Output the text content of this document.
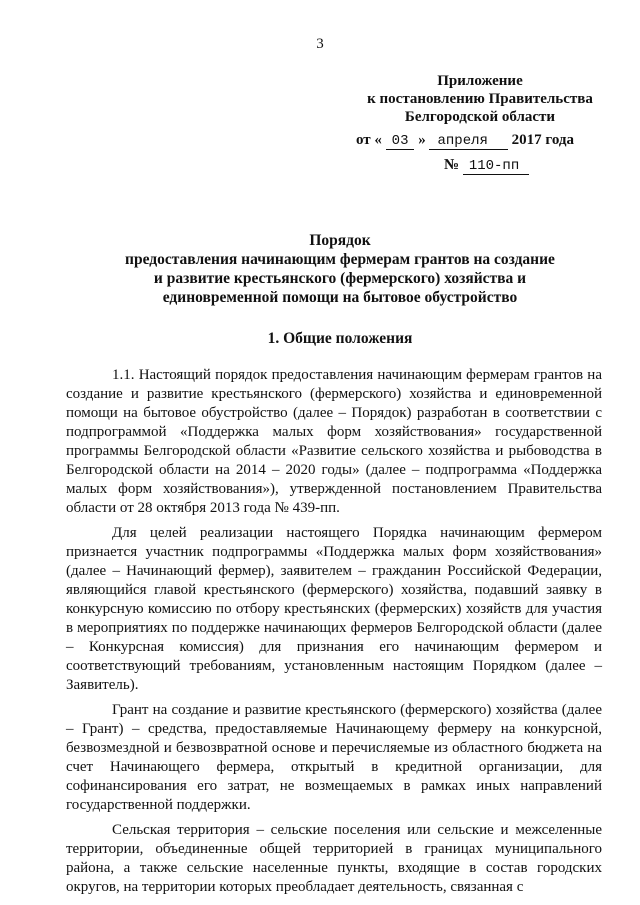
3
Приложение
к постановлению Правительства
Белгородской области
от « 03 » апреля 2017 года
№ 110-пп
Порядок
предоставления начинающим фермерам грантов на создание
и развитие крестьянского (фермерского) хозяйства и
единовременной помощи на бытовое обустройство
1. Общие положения

1.1. Настоящий порядок предоставления начинающим фермерам грантов на создание и развитие крестьянского (фермерского) хозяйства и единовременной помощи на бытовое обустройство (далее – Порядок) разработан в соответствии с подпрограммой «Поддержка малых форм хозяйствования» государственной программы Белгородской области «Развитие сельского хозяйства и рыбоводства в Белгородской области на 2014 – 2020 годы» (далее – подпрограмма «Поддержка малых форм хозяйствования»), утвержденной постановлением Правительства области от 28 октября 2013 года № 439-пп.

Для целей реализации настоящего Порядка начинающим фермером признается участник подпрограммы «Поддержка малых форм хозяйствования» (далее – Начинающий фермер), заявителем – гражданин Российской Федерации, являющийся главой крестьянского (фермерского) хозяйства, подавший заявку в конкурсную комиссию по отбору крестьянских (фермерских) хозяйств для участия в мероприятиях по поддержке начинающих фермеров Белгородской области (далее – Конкурсная комиссия) для признания его начинающим фермером и соответствующий требованиям, установленным настоящим Порядком (далее – Заявитель).

Грант на создание и развитие крестьянского (фермерского) хозяйства (далее – Грант) – средства, предоставляемые Начинающему фермеру на конкурсной, безвозмездной и безвозвратной основе и перечисляемые из областного бюджета на счет Начинающего фермера, открытый в кредитной организации, для софинансирования его затрат, не возмещаемых в рамках иных направлений государственной поддержки.

Сельская территория – сельские поселения или сельские и межселенные территории, объединенные общей территорией в границах муниципального района, а также сельские населенные пункты, входящие в состав городских округов, на территории которых преобладает деятельность, связанная с
